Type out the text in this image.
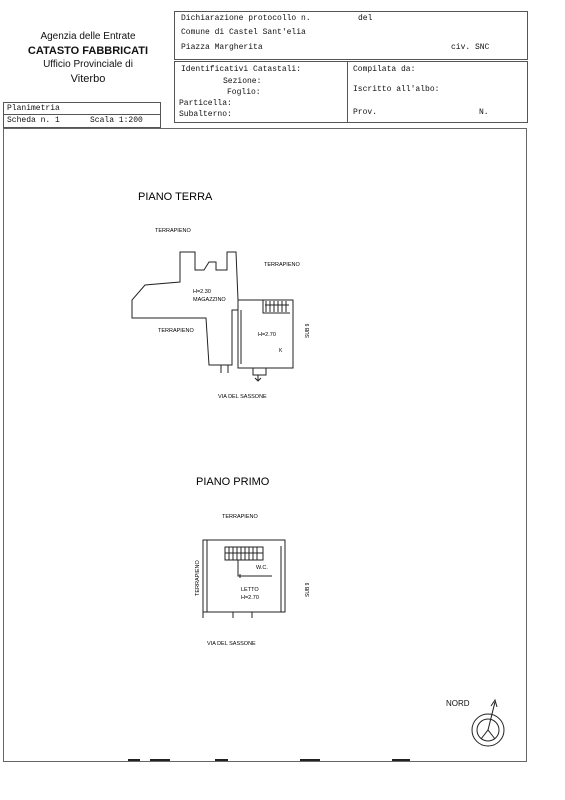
Agenzia delle Entrate
CATASTO FABBRICATI
Ufficio Provinciale di
Viterbo
Dichiarazione protocollo n.	del
Comune di Castel Sant'elia
Piazza Margherita	civ. SNC
Identificativi Catastali:
Sezione:
Foglio:
Particella:
Subalterno:
Compilata da:
Iscritto all'albo:
Prov.	N.
Planimetria
Scheda n. 1	Scala 1:200
PIANO TERRA
TERRAPIENO
TERRAPIENO
TERRAPIENO
H=2.30
MAGAZZINO
H=2.70
K
SUB 9
VIA DEL SASSONE
PIANO PRIMO
TERRAPIENO
TERRAPIENO	W.C.
LETTO
H=2.70
SUB 9
VIA DEL SASSONE
NORD
